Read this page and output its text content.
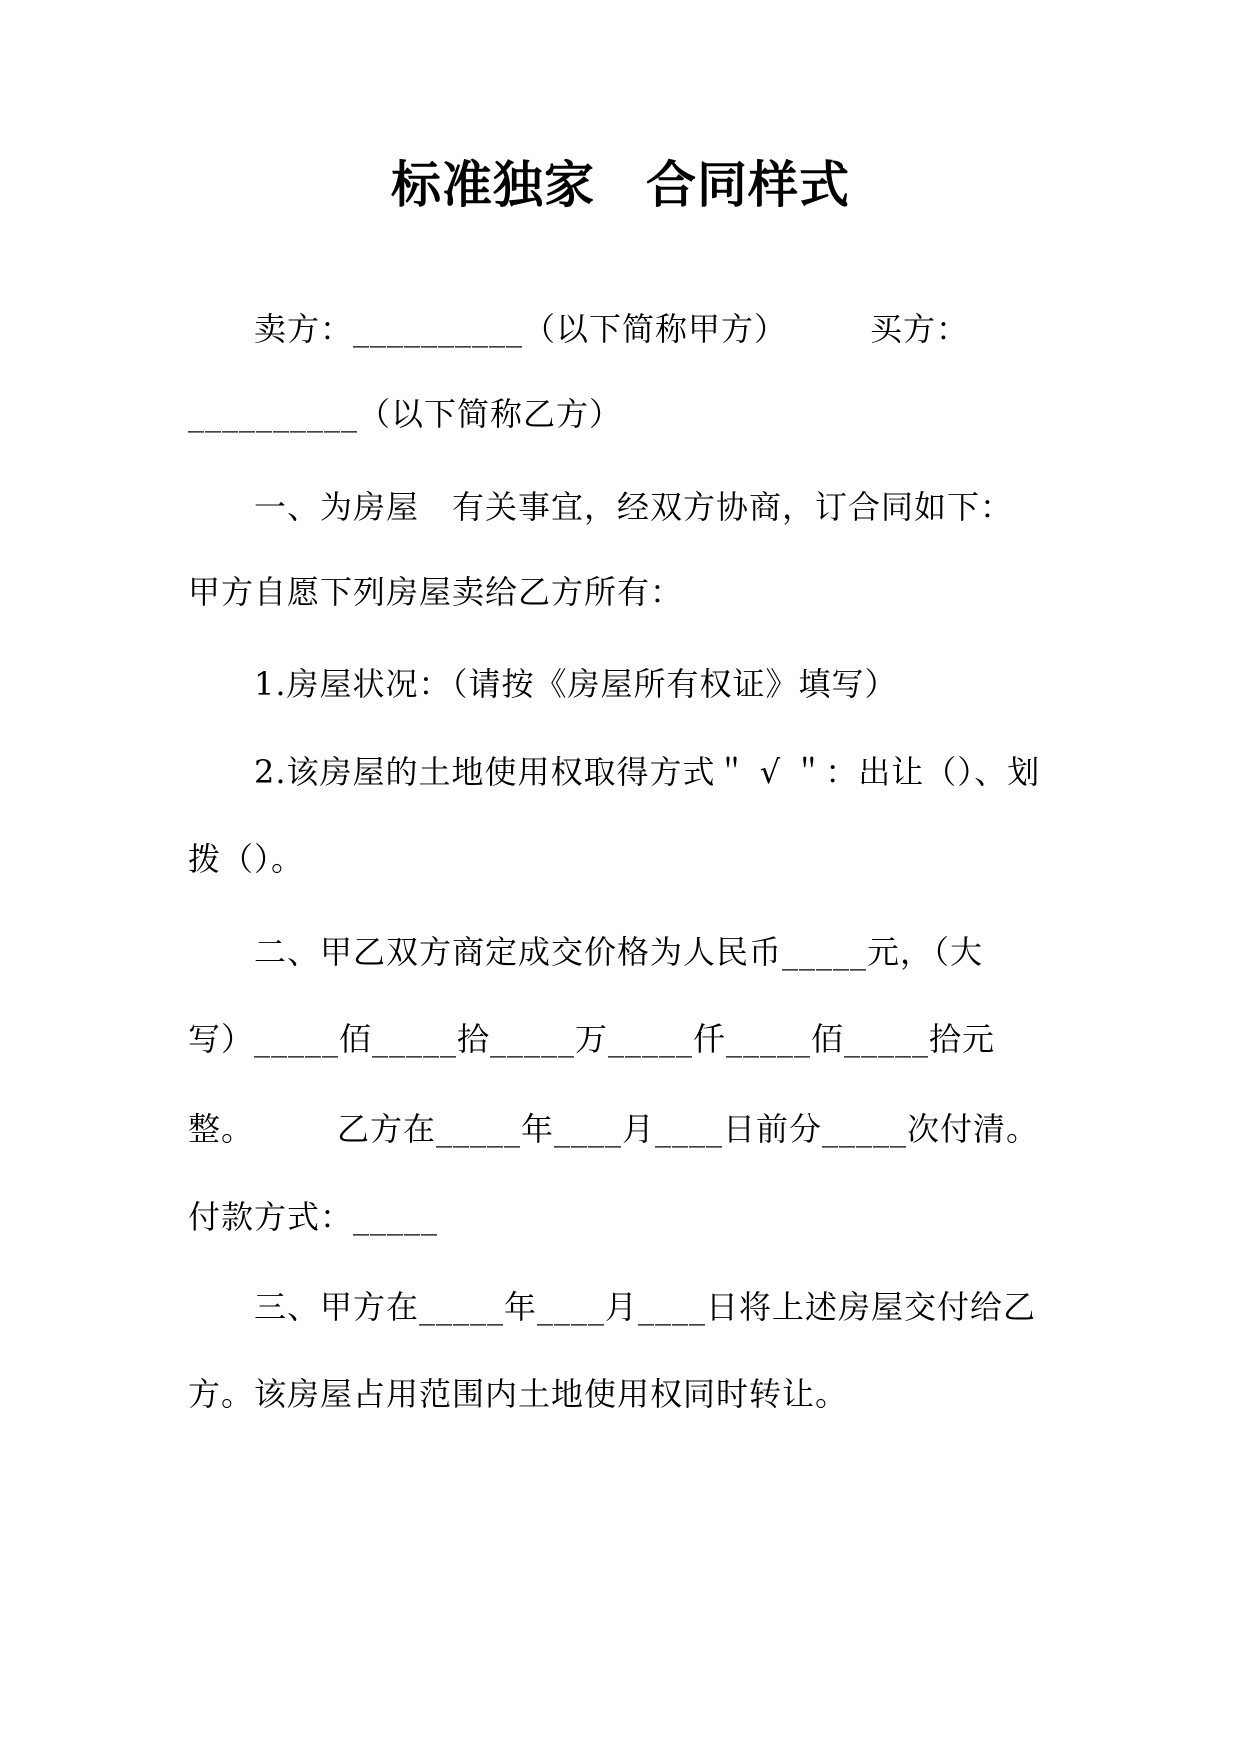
标准独家　合同样式
　　卖方：__________（以下简称甲方）　　　买方：
__________（以下简称乙方）
　　一、为房屋　有关事宜，经双方协商，订合同如下：
甲方自愿下列房屋卖给乙方所有：
　　1.房屋状况：（请按《房屋所有权证》填写）
　　2.该房屋的土地使用权取得方式＂ √ ＂：出让（）、划
拨（）。
　　二、甲乙双方商定成交价格为人民币_____元，（大
写）_____佰_____拾_____万_____仟_____佰_____拾元
整。　　　乙方在_____年____月____日前分_____次付清。
付款方式：_____
　　三、甲方在_____年____月____日将上述房屋交付给乙
方。该房屋占用范围内土地使用权同时转让。
